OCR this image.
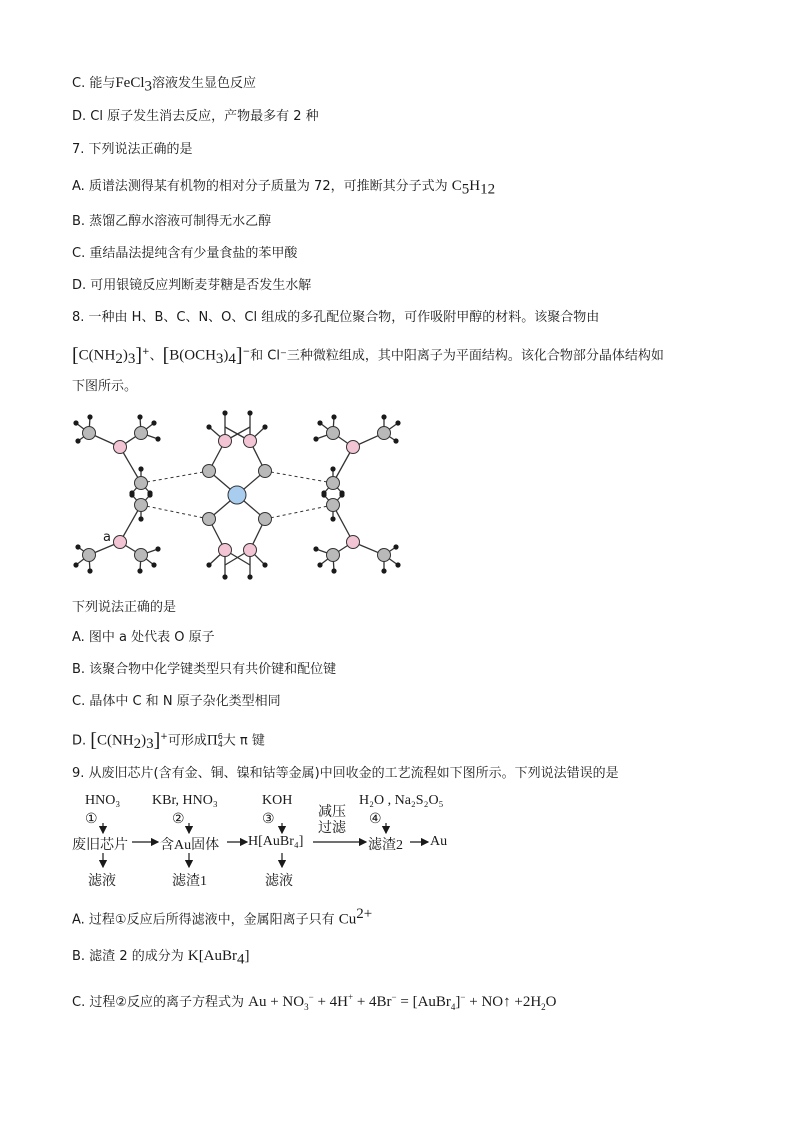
C. 能与FeCl$_3$溶液发生显色反应
D. Cl 原子发生消去反应，产物最多有 2 种
7. 下列说法正确的是
A. 质谱法测得某有机物的相对分子质量为 72，可推断其分子式为 $C_5H_{12}$
B. 蒸馏乙醇水溶液可制得无水乙醇
C. 重结晶法提纯含有少量食盐的苯甲酸
D. 可用银镜反应判断麦芽糖是否发生水解
8. 一种由 H、B、C、N、O、Cl 组成的多孔配位聚合物，可作吸附甲醇的材料。该聚合物由
$[C(NH_2)_3]^+$、$[B(OCH_3)_4]^-$和 Cl⁻三种微粒组成，其中阳离子为平面结构。该化合物部分晶体结构如
下图所示。
a
下列说法正确的是
A. 图中 a 处代表 O 原子
B. 该聚合物中化学键类型只有共价键和配位键
C. 晶体中 C 和 N 原子杂化类型相同
D. $[C(NH_2)_3]^+$可形成Π 6
4 大 π 键
9. 从废旧芯片(含有金、铜、镍和钴等金属)中回收金的工艺流程如下图所示。下列说法错误的是
HNO₃
①
KBr, HNO₃
②
KOH
③	减压
过滤
H₂O , Na₂S₂O₅
④
废旧芯片 含Au固体 H[AuBr₄]	滤渣2 Au
滤液	滤渣1	滤液
A. 过程①反应后所得滤液中，金属阳离子只有 $Cu^{2+}$
B. 滤渣 2 的成分为 K[AuBr$_4$]
C. 过程②反应的离子方程式为 $Au + NO_3^- + 4H^+ + 4Br^-$ = [AuBr$_4$]− + NO↑ $+2H_2O$
